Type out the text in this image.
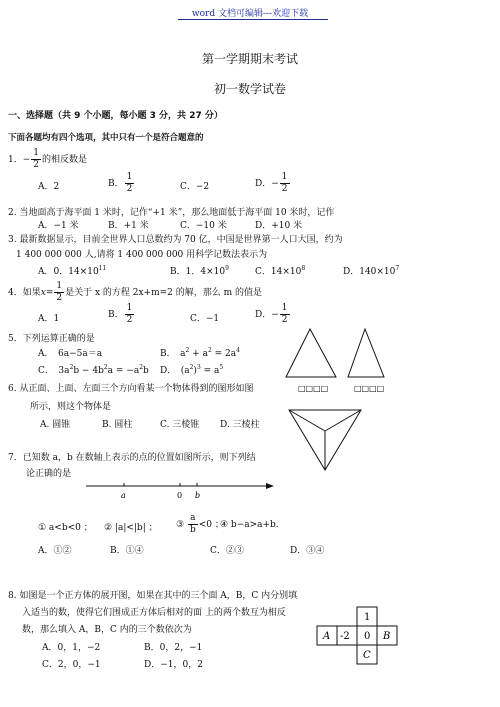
word 文档可编辑---欢迎下载
第一学期期末考试
初一数学试卷
一、选择题（共 9 个小题，每小题 3 分，共 27 分）
下面各题均有四个选项，其中只有一个是符合题意的
1．− $\frac{1}{2}$ 的相反数是
A．2	B． $\frac{1}{2}$	C．−2	D．− $\frac{1}{2}$
2. 当地面高于海平面 1 米时，记作“+1 米”，那么地面低于海平面 10 米时，记作
A．−1 米	B．+1 米	C．−10 米	D．+10 米
3. 最新数据显示，目前全世界人口总数约为 70 亿，中国是世界第一人口大国，约为
1 400 000 000 人,请将 1 400 000 000 用科学记数法表示为
A．0．$14\times 10^{11}$	B．1．$4\times 10^9$	C．$14\times 10^8$	D．$140\times 10^7$
4．如果$x= \frac{1}{2}$ 是关于 x 的方程 2x+m=2 的解，那么 m 的值是
A．1	B． $\frac{1}{2}$	C．−1	D．− $\frac{1}{2}$
5．下列运算正确的是
A．　6a−5a＝a	B．　$a^2 + a^2 = 2a^4$
C．　$3a^2b - 4b^2a = -a^2b$ D．　$(a^2)^3 = a^5$
□□□□	□□□□
6. 从正面、上面、左面三个方向看某一个物体得到的图形如图
所示，则这个物体是
A. 圆锥	B. 圆柱	C. 三棱锥 D. 三棱柱
7．已知数 a，b 在数轴上表示的点的位置如图所示，则下列结
论正确的是
a	0 b
① a<b<0 ； ② |a|<|b| ； ③ $\frac{a}{b} <0$ ；
④ b−a>a+b.
A．①②	B．①④	C．②③	D．③④
8. 如图是一个正方体的展开图，如果在其中的三个面 A，B，C 内分别填
入适当的数，使得它们围成正方体后相对的面 上的两个数互为相反
数，那么填入 A，B，C 内的三个数依次为
A．0，1，−2	B．0，2，−1
C．2，0，−1	D．−1，0，2
1
A -2 0 B
C
